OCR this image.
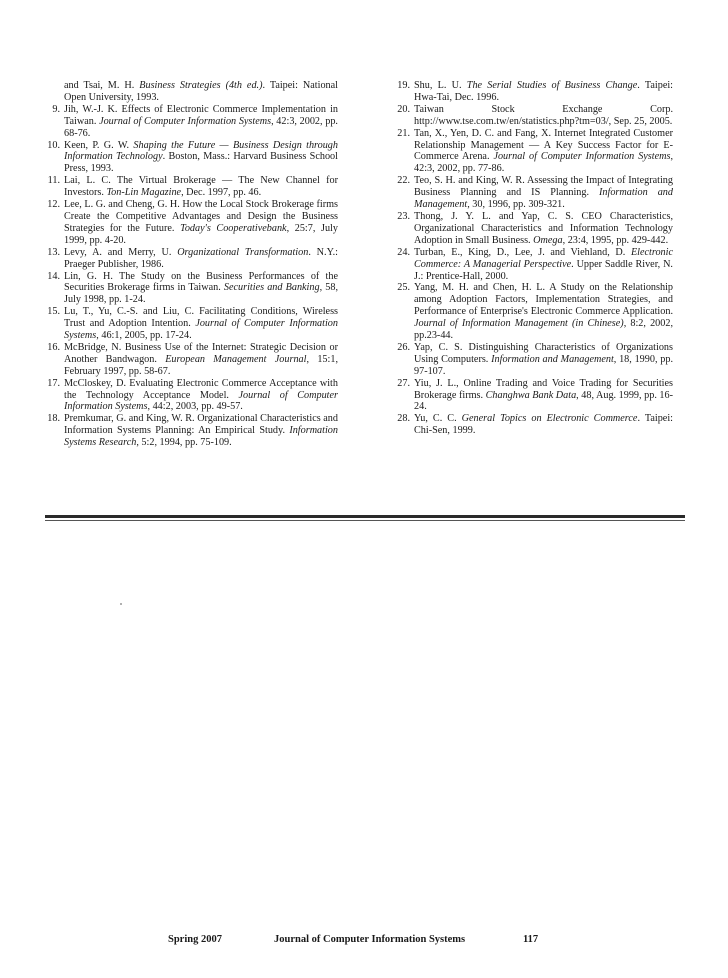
and Tsai, M. H. Business Strategies (4th ed.). Taipei: National Open University, 1993.

9. Jih, W.-J. K. Effects of Electronic Commerce Implementation in Taiwan. Journal of Computer Information Systems, 42:3, 2002, pp. 68-76.

10. Keen, P. G. W. Shaping the Future — Business Design through Information Technology. Boston, Mass.: Harvard Business School Press, 1993.

11. Lai, L. C. The Virtual Brokerage — The New Channel for Investors. Ton-Lin Magazine, Dec. 1997, pp. 46.

12. Lee, L. G. and Cheng, G. H. How the Local Stock Brokerage firms Create the Competitive Advantages and Design the Business Strategies for the Future. Today's Cooperativebank, 25:7, July 1999, pp. 4-20.

13. Levy, A. and Merry, U. Organizational Transformation. N.Y.: Praeger Publisher, 1986.

14. Lin, G. H. The Study on the Business Performances of the Securities Brokerage firms in Taiwan. Securities and Banking, 58, July 1998, pp. 1-24.

15. Lu, T., Yu, C.-S. and Liu, C. Facilitating Conditions, Wireless Trust and Adoption Intention. Journal of Computer Information Systems, 46:1, 2005, pp. 17-24.

16. McBridge, N. Business Use of the Internet: Strategic Decision or Another Bandwagon. European Management Journal, 15:1, February 1997, pp. 58-67.

17. McCloskey, D. Evaluating Electronic Commerce Acceptance with the Technology Acceptance Model. Journal of Computer Information Systems, 44:2, 2003, pp. 49-57.

18. Premkumar, G. and King, W. R. Organizational Characteristics and Information Systems Planning: An Empirical Study. Information Systems Research, 5:2, 1994, pp. 75-109.

19. Shu, L. U. The Serial Studies of Business Change. Taipei: Hwa-Tai, Dec. 1996.

20. Taiwan Stock Exchange Corp. http://www.tse.com.tw/en/statistics.php?tm=03/, Sep. 25, 2005.

21. Tan, X., Yen, D. C. and Fang, X. Internet Integrated Customer Relationship Management — A Key Success Factor for E-Commerce Arena. Journal of Computer Information Systems, 42:3, 2002, pp. 77-86.

22. Teo, S. H. and King, W. R. Assessing the Impact of Integrating Business Planning and IS Planning. Information and Management, 30, 1996, pp. 309-321.

23. Thong, J. Y. L. and Yap, C. S. CEO Characteristics, Organizational Characteristics and Information Technology Adoption in Small Business. Omega, 23:4, 1995, pp. 429-442.

24. Turban, E., King, D., Lee, J. and Viehland, D. Electronic Commerce: A Managerial Perspective. Upper Saddle River, N. J.: Prentice-Hall, 2000.

25. Yang, M. H. and Chen, H. L. A Study on the Relationship among Adoption Factors, Implementation Strategies, and Performance of Enterprise's Electronic Commerce Application. Journal of Information Management (in Chinese), 8:2, 2002, pp.23-44.

26. Yap, C. S. Distinguishing Characteristics of Organizations Using Computers. Information and Management, 18, 1990, pp. 97-107.

27. Yiu, J. L., Online Trading and Voice Trading for Securities Brokerage firms. Changhwa Bank Data, 48, Aug. 1999, pp. 16-24.

28. Yu, C. C. General Topics on Electronic Commerce. Taipei: Chi-Sen, 1999.

Spring 2007	Journal of Computer Information Systems	117
